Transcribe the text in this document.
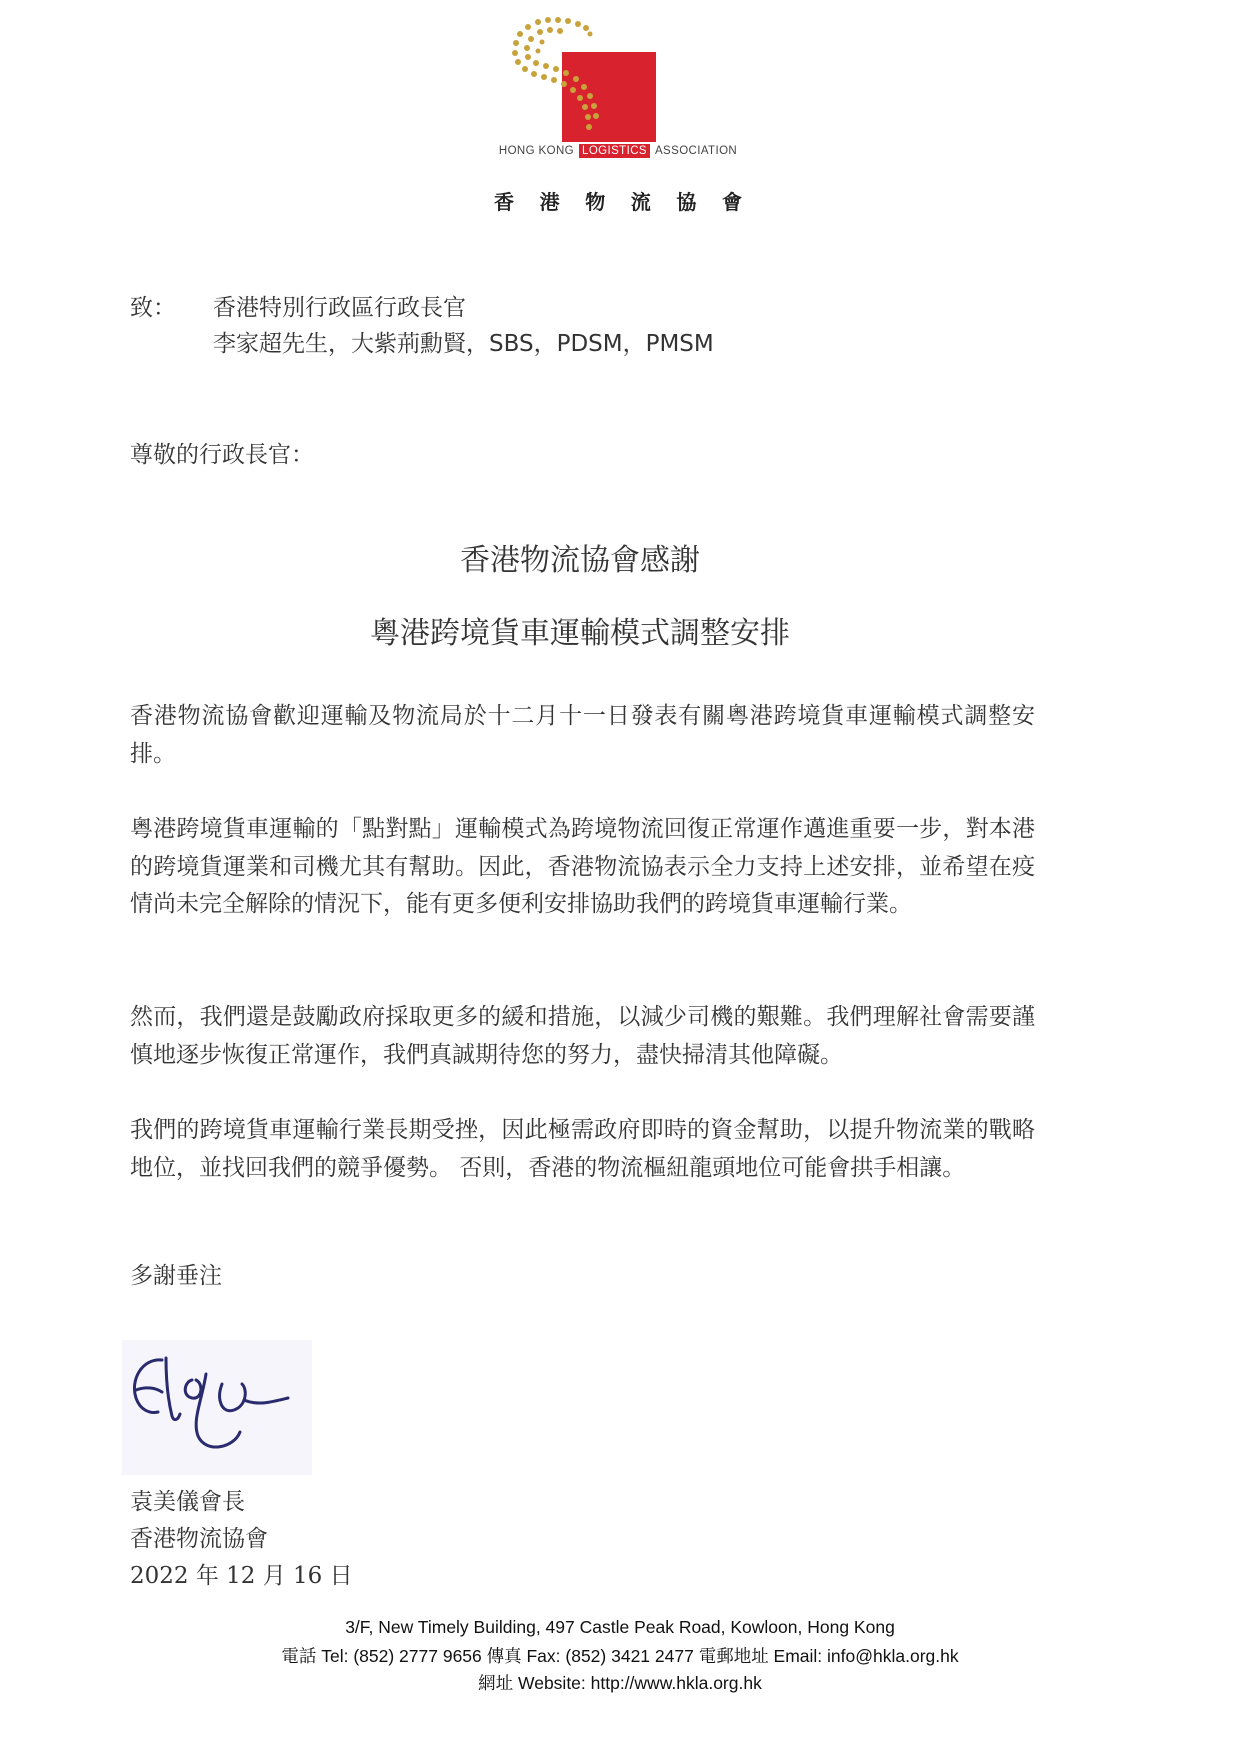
HONG KONG LOGISTICS ASSOCIATION
香 港 物 流 協 會
致： 香港特別行政區行政長官
李家超先生，大紫荊勳賢，SBS，PDSM，PMSM
尊敬的行政長官：
香港物流協會感謝
粵港跨境貨車運輸模式調整安排
香港物流協會歡迎運輸及物流局於十二月十一日發表有關粵港跨境貨車運輸模式調整安排。
粵港跨境貨車運輸的「點對點」運輸模式為跨境物流回復正常運作邁進重要一步，對本港的跨境貨運業和司機尤其有幫助。因此，香港物流協表示全力支持上述安排，並希望在疫情尚未完全解除的情況下，能有更多便利安排協助我們的跨境貨車運輸行業。
然而，我們還是鼓勵政府採取更多的緩和措施，以減少司機的艱難。我們理解社會需要謹慎地逐步恢復正常運作，我們真誠期待您的努力，盡快掃清其他障礙。
我們的跨境貨車運輸行業長期受挫，因此極需政府即時的資金幫助，以提升物流業的戰略地位，並找回我們的競爭優勢。 否則，香港的物流樞紐龍頭地位可能會拱手相讓。
多謝垂注
袁美儀會長
香港物流協會
2022 年 12 月 16 日
3/F, New Timely Building, 497 Castle Peak Road, Kowloon, Hong Kong
電話 Tel: (852) 2777 9656 傳真 Fax: (852) 3421 2477 電郵地址 Email: info@hkla.org.hk
網址 Website: http://www.hkla.org.hk
